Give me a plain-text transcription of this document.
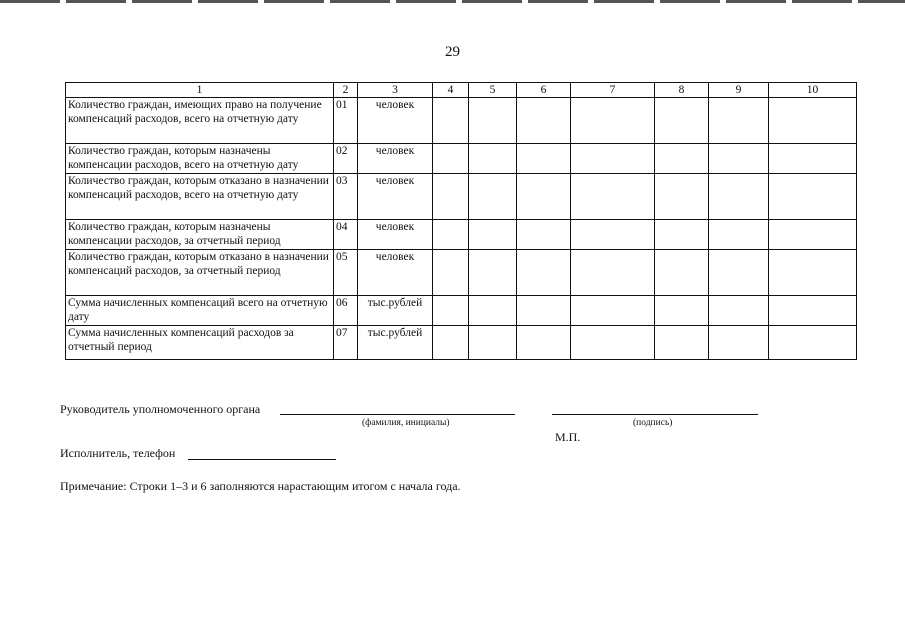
29
1	2	3	4	5	6	7	8	9	10
Количество граждан, имеющих право на получение компенсаций расходов, всего на отчетную дату	01	человек							
Количество граждан, которым назначены компенсации расходов, всего на отчетную дату	02	человек							
Количество граждан, которым отказано в назначении компенсаций расходов, всего на отчетную дату	03	человек							
Количество граждан, которым назначены компенсации расходов, за отчетный период	04	человек							
Количество граждан, которым отказано в назначении компенсаций расходов, за отчетный период	05	человек							
Сумма начисленных компенсаций всего на отчетную дату	06	тыс.рублей							
Сумма начисленных компенсаций расходов за отчетный период	07	тыс.рублей							
Руководитель уполномоченного органа
(фамилия, инициалы)	(подпись)
М.П.
Исполнитель, телефон
Примечание: Строки 1–3 и 6 заполняются нарастающим итогом с начала года.
